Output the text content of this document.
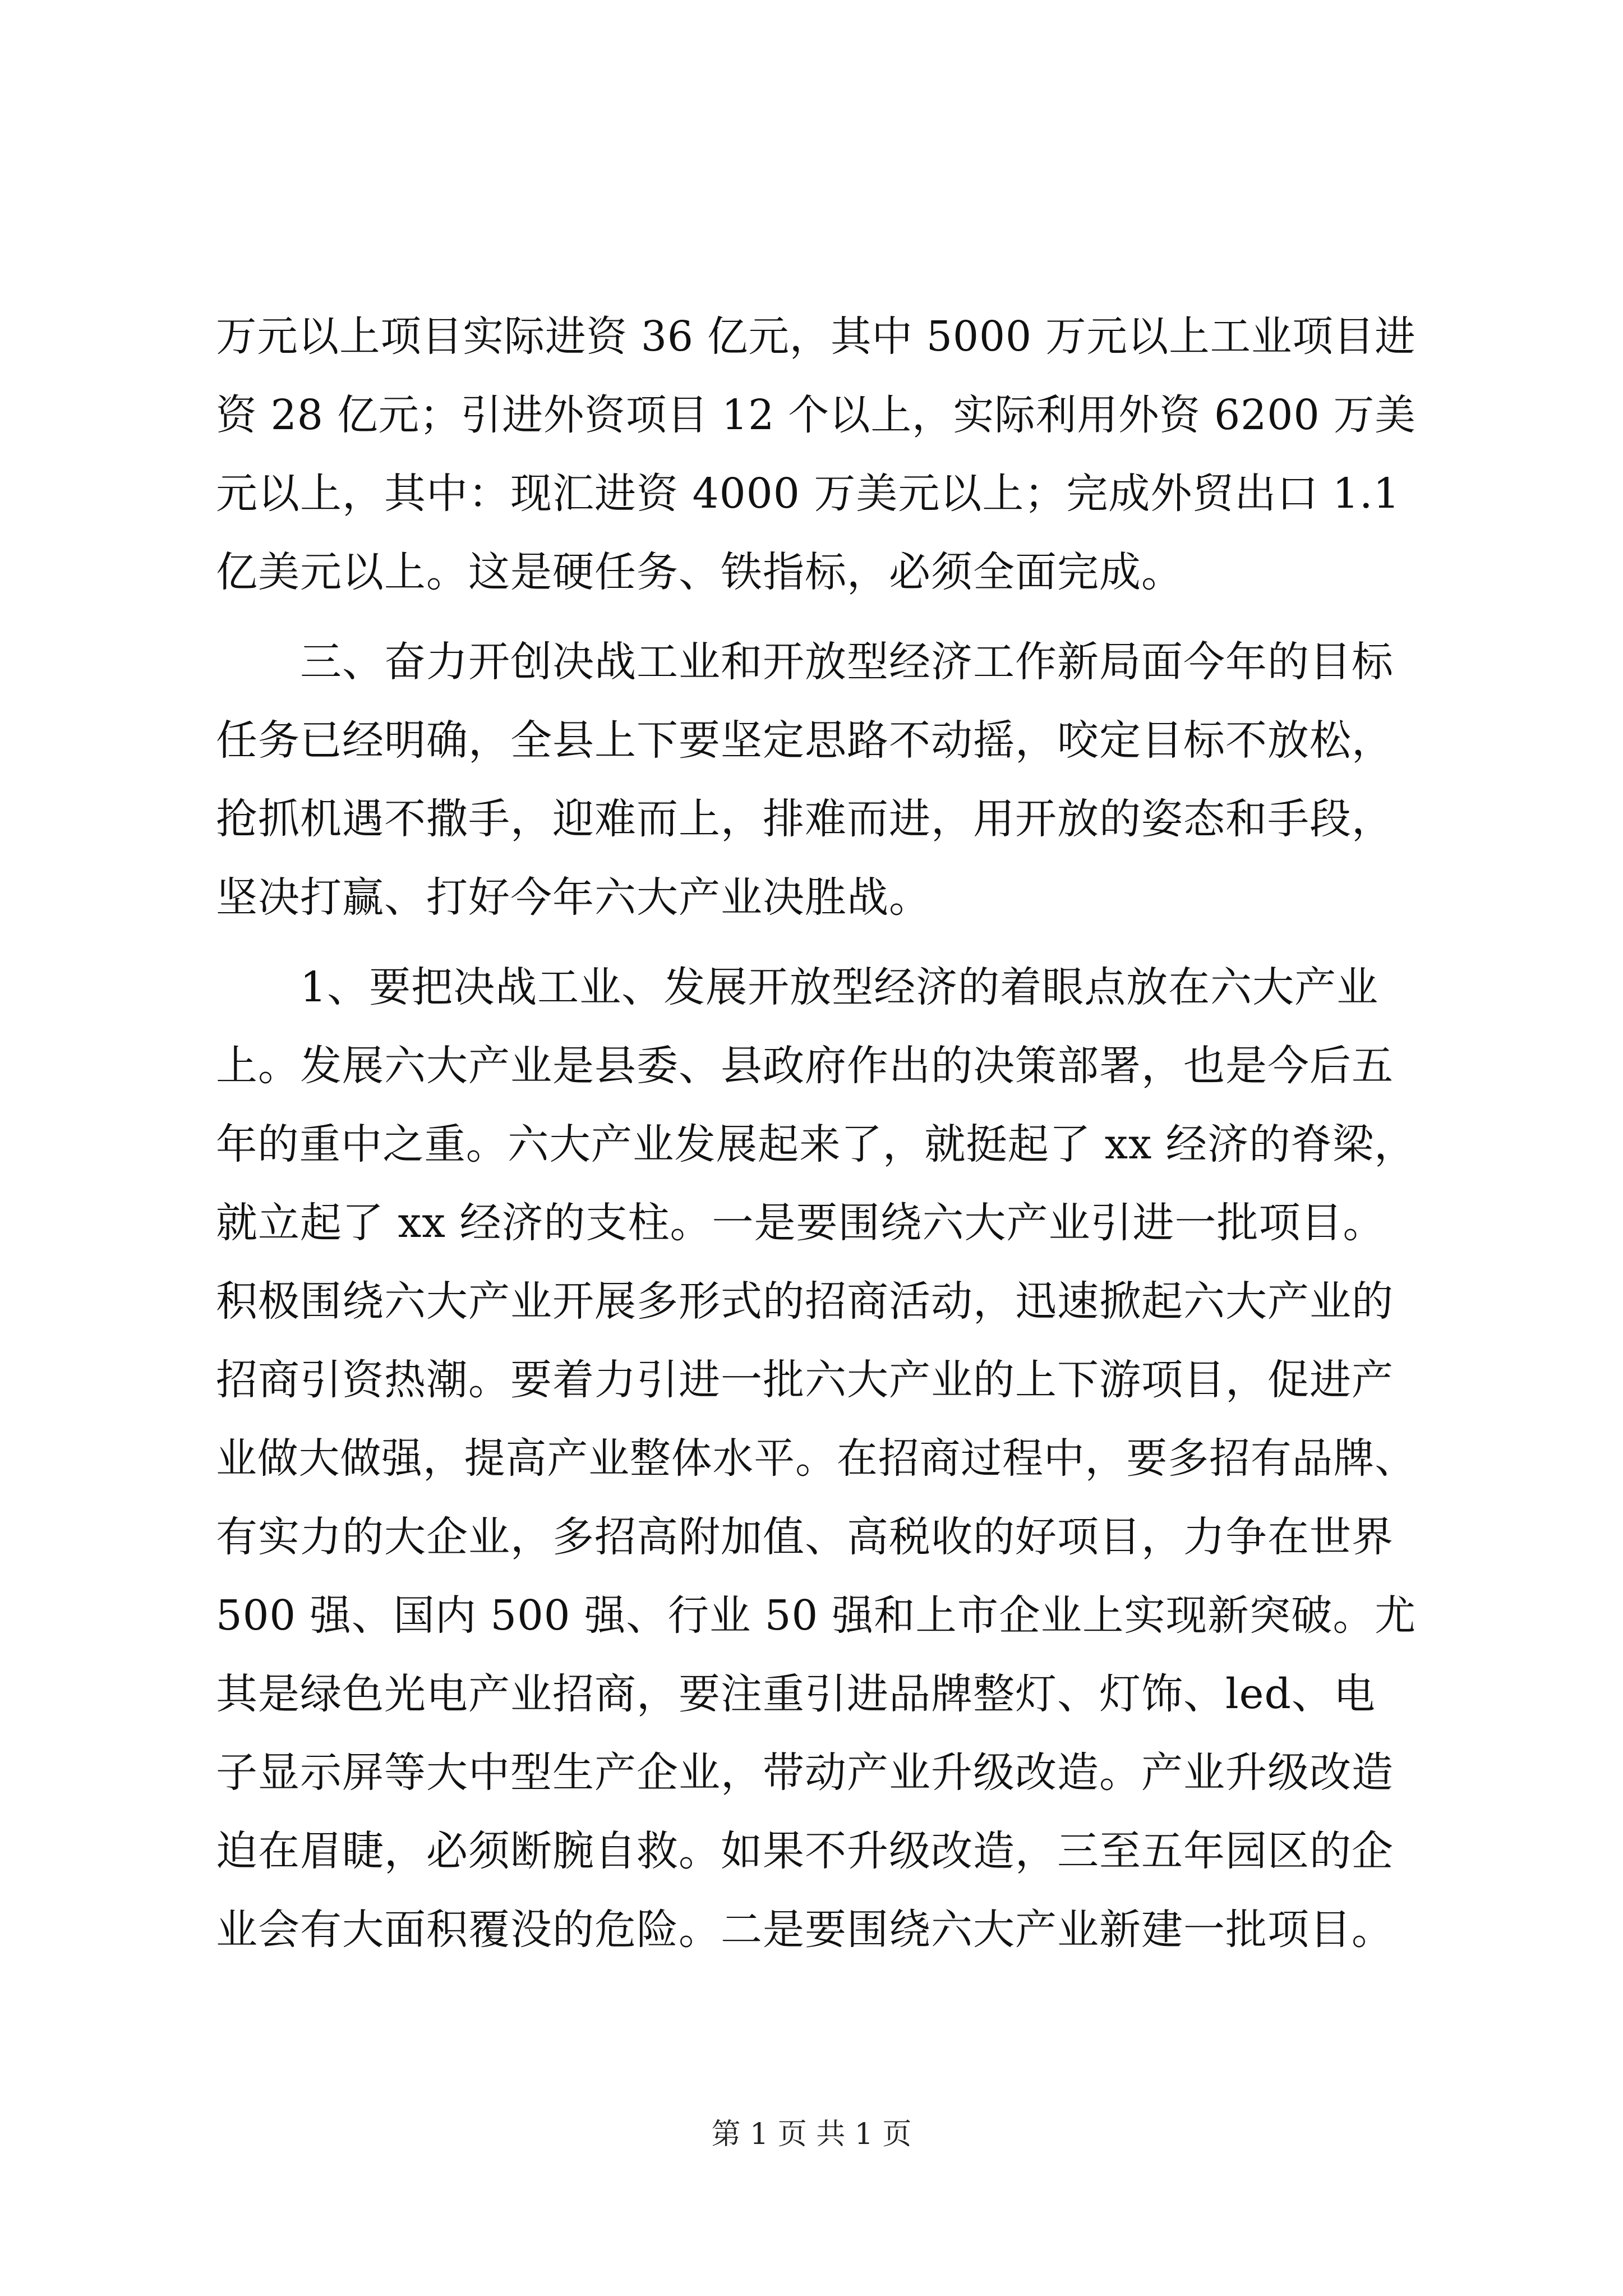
万元以上项目实际进资 36 亿元，其中 5000 万元以上工业项目进
资 28 亿元；引进外资项目 12 个以上，实际利用外资 6200 万美
元以上，其中：现汇进资 4000 万美元以上；完成外贸出口 1.1
亿美元以上。这是硬任务、铁指标，必须全面完成。
　　三、奋力开创决战工业和开放型经济工作新局面今年的目标
任务已经明确，全县上下要坚定思路不动摇，咬定目标不放松，
抢抓机遇不撒手，迎难而上，排难而进，用开放的姿态和手段，
坚决打赢、打好今年六大产业决胜战。
　　1、要把决战工业、发展开放型经济的着眼点放在六大产业
上。发展六大产业是县委、县政府作出的决策部署，也是今后五
年的重中之重。六大产业发展起来了，就挺起了 xx 经济的脊梁，
就立起了 xx 经济的支柱。一是要围绕六大产业引进一批项目。
积极围绕六大产业开展多形式的招商活动，迅速掀起六大产业的
招商引资热潮。要着力引进一批六大产业的上下游项目，促进产
业做大做强，提高产业整体水平。在招商过程中，要多招有品牌、
有实力的大企业，多招高附加值、高税收的好项目，力争在世界
500 强、国内 500 强、行业 50 强和上市企业上实现新突破。尤
其是绿色光电产业招商，要注重引进品牌整灯、灯饰、led、电
子显示屏等大中型生产企业，带动产业升级改造。产业升级改造
迫在眉睫，必须断腕自救。如果不升级改造，三至五年园区的企
业会有大面积覆没的危险。二是要围绕六大产业新建一批项目。
第 1 页 共 1 页
